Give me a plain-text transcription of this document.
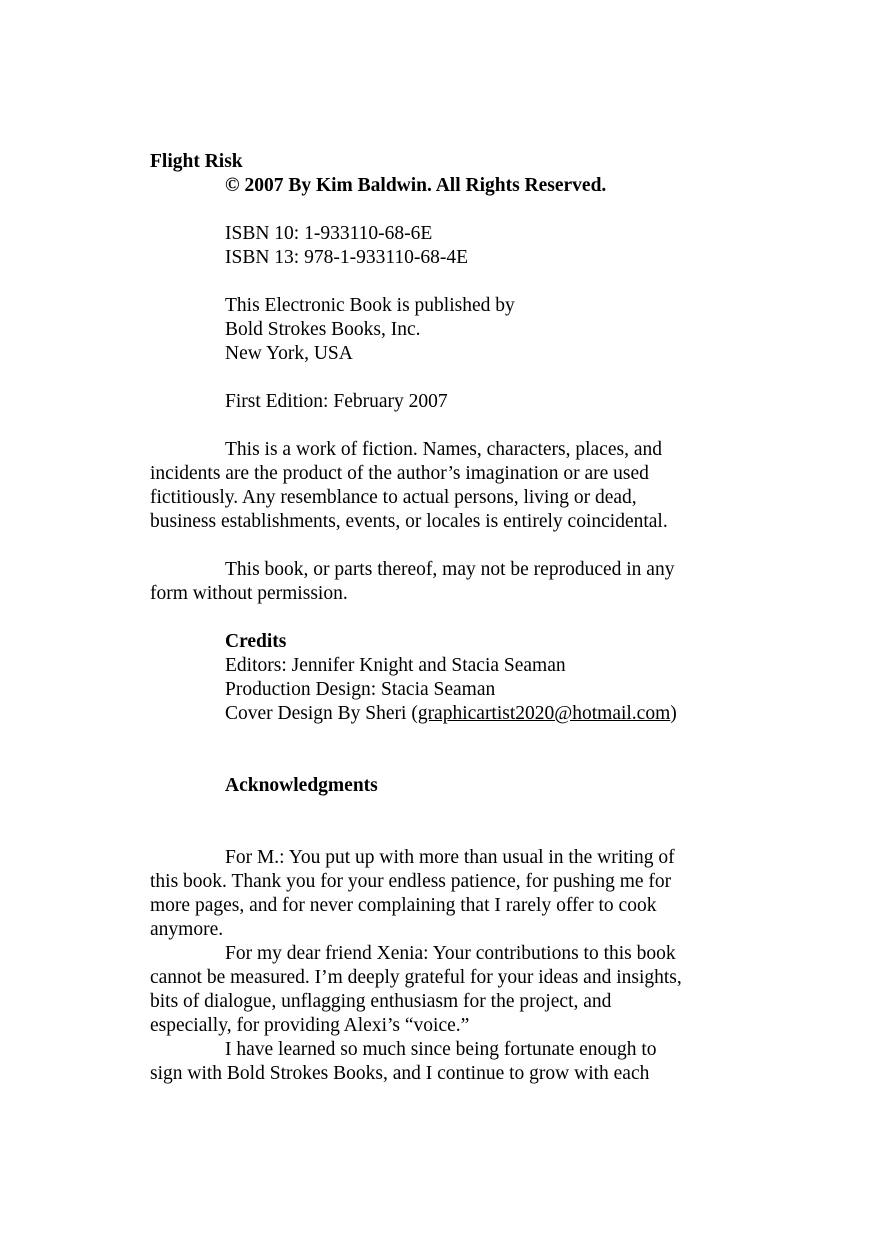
Flight Risk
© 2007 By Kim Baldwin. All Rights Reserved.
ISBN 10: 1-933110-68-6E
ISBN 13: 978-1-933110-68-4E
This Electronic Book is published by
Bold Strokes Books, Inc.
New York, USA
First Edition: February 2007
This is a work of fiction. Names, characters, places, and
incidents are the product of the author’s imagination or are used
fictitiously. Any resemblance to actual persons, living or dead,
business establishments, events, or locales is entirely coincidental.
This book, or parts thereof, may not be reproduced in any
form without permission.
Credits
Editors: Jennifer Knight and Stacia Seaman
Production Design: Stacia Seaman
Cover Design By Sheri (graphicartist2020@hotmail.com)
Acknowledgments
For M.: You put up with more than usual in the writing of
this book. Thank you for your endless patience, for pushing me for
more pages, and for never complaining that I rarely offer to cook
anymore.
For my dear friend Xenia: Your contributions to this book
cannot be measured. I’m deeply grateful for your ideas and insights,
bits of dialogue, unflagging enthusiasm for the project, and
especially, for providing Alexi’s “voice.”
I have learned so much since being fortunate enough to
sign with Bold Strokes Books, and I continue to grow with each
